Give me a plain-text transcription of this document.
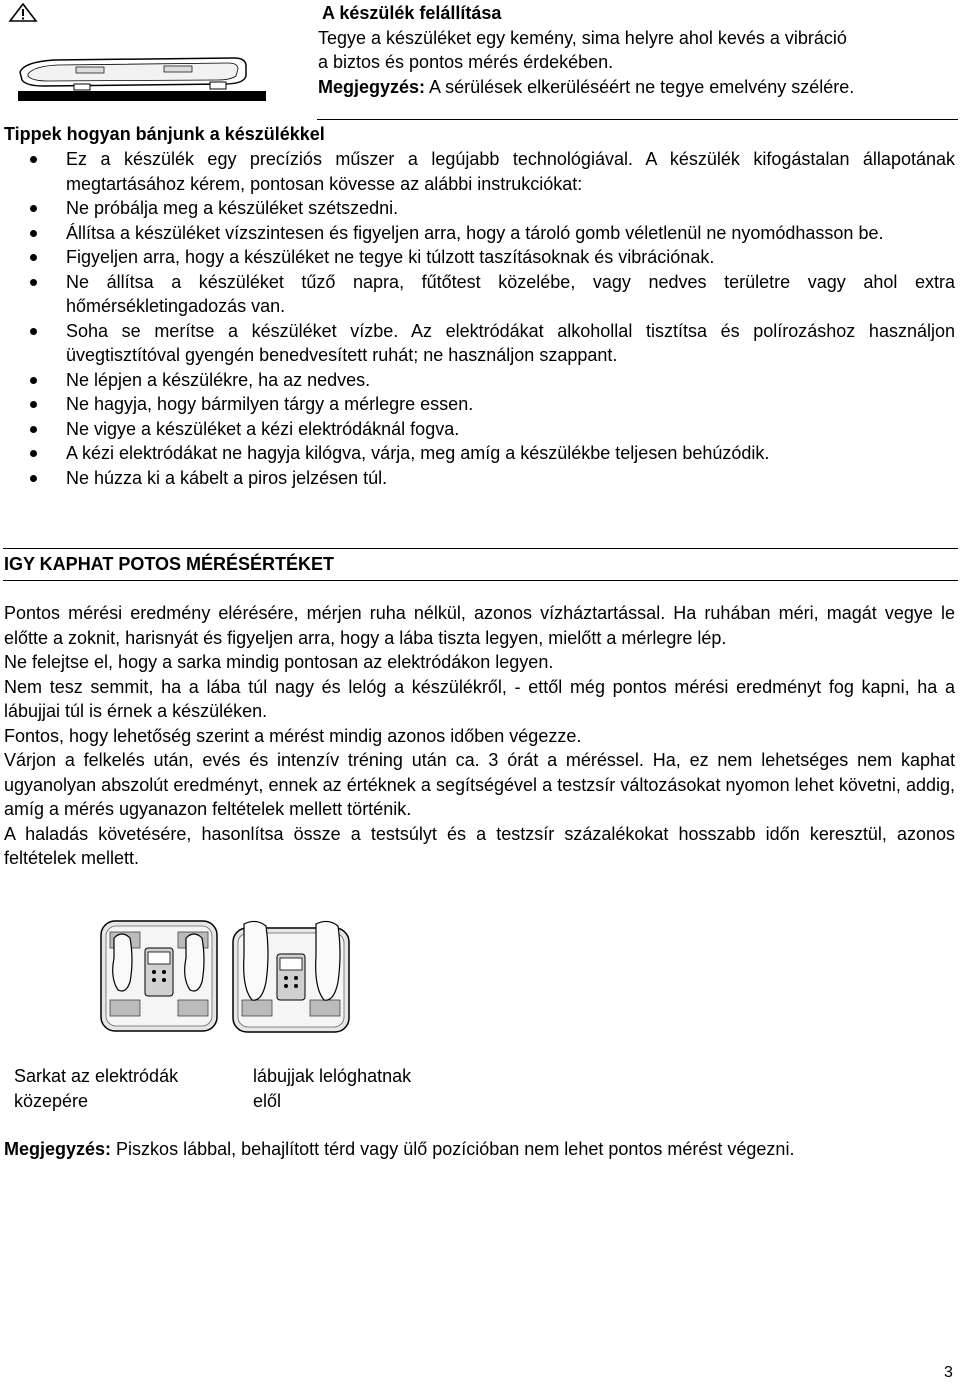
A készülék felállítása
Tegye a készüléket egy kemény, sima helyre ahol kevés a vibráció
a biztos és pontos mérés érdekében.
Megjegyzés: A sérülések elkerüléséért ne tegye emelvény szélére.
Tippek hogyan bánjunk a készülékkel
Ez a készülék egy precíziós műszer a legújabb technológiával. A készülék kifogástalan állapotának megtartásához kérem, pontosan kövesse az alábbi instrukciókat:
Ne próbálja meg a készüléket szétszedni.
Állítsa a készüléket vízszintesen és figyeljen arra, hogy a tároló gomb véletlenül ne nyomódhasson be.
Figyeljen arra, hogy a készüléket ne tegye ki túlzott taszításoknak és vibrációnak.
Ne állítsa a készüléket tűző napra, fűtőtest közelébe, vagy nedves területre vagy ahol extra hőmérsékletingadozás van.
Soha se merítse a készüléket vízbe. Az elektródákat alkohollal tisztítsa és polírozáshoz használjon üvegtisztítóval gyengén benedvesített ruhát; ne használjon szappant.
Ne lépjen a készülékre, ha az nedves.
Ne hagyja, hogy bármilyen tárgy a mérlegre essen.
Ne vigye a készüléket a kézi elektródáknál fogva.
A kézi elektródákat ne hagyja kilógva, várja, meg amíg a készülékbe teljesen behúzódik.
Ne húzza ki a kábelt a piros jelzésen túl.
IGY KAPHAT POTOS MÉRÉSÉRTÉKET

Pontos mérési eredmény elérésére, mérjen ruha nélkül, azonos vízháztartással. Ha ruhában méri, magát vegye le előtte a zoknit, harisnyát és figyeljen arra, hogy a lába tiszta legyen, mielőtt a mérlegre lép.

Ne felejtse el, hogy a sarka mindig pontosan az elektródákon legyen.

Nem tesz semmit, ha a lába túl nagy és lelóg a készülékről, - ettől még pontos mérési eredményt fog kapni, ha a lábujjai túl is érnek a készüléken.

Fontos, hogy lehetőség szerint a mérést mindig azonos időben végezze.

Várjon a felkelés után, evés és intenzív tréning után ca. 3 órát a méréssel. Ha, ez nem lehetséges nem kaphat ugyanolyan abszolút eredményt, ennek az értéknek a segítségével a testzsír változásokat nyomon lehet követni, addig, amíg a mérés ugyanazon feltételek mellett történik.

A haladás követésére, hasonlítsa össze a testsúlyt és a testzsír százalékokat hosszabb időn keresztül, azonos feltételek mellett.

Sarkat az elektródák
közepére
lábujjak lelóghatnak
elől
Megjegyzés: Piszkos lábbal, behajlított térd vagy ülő pozícióban nem lehet pontos mérést végezni.
3
